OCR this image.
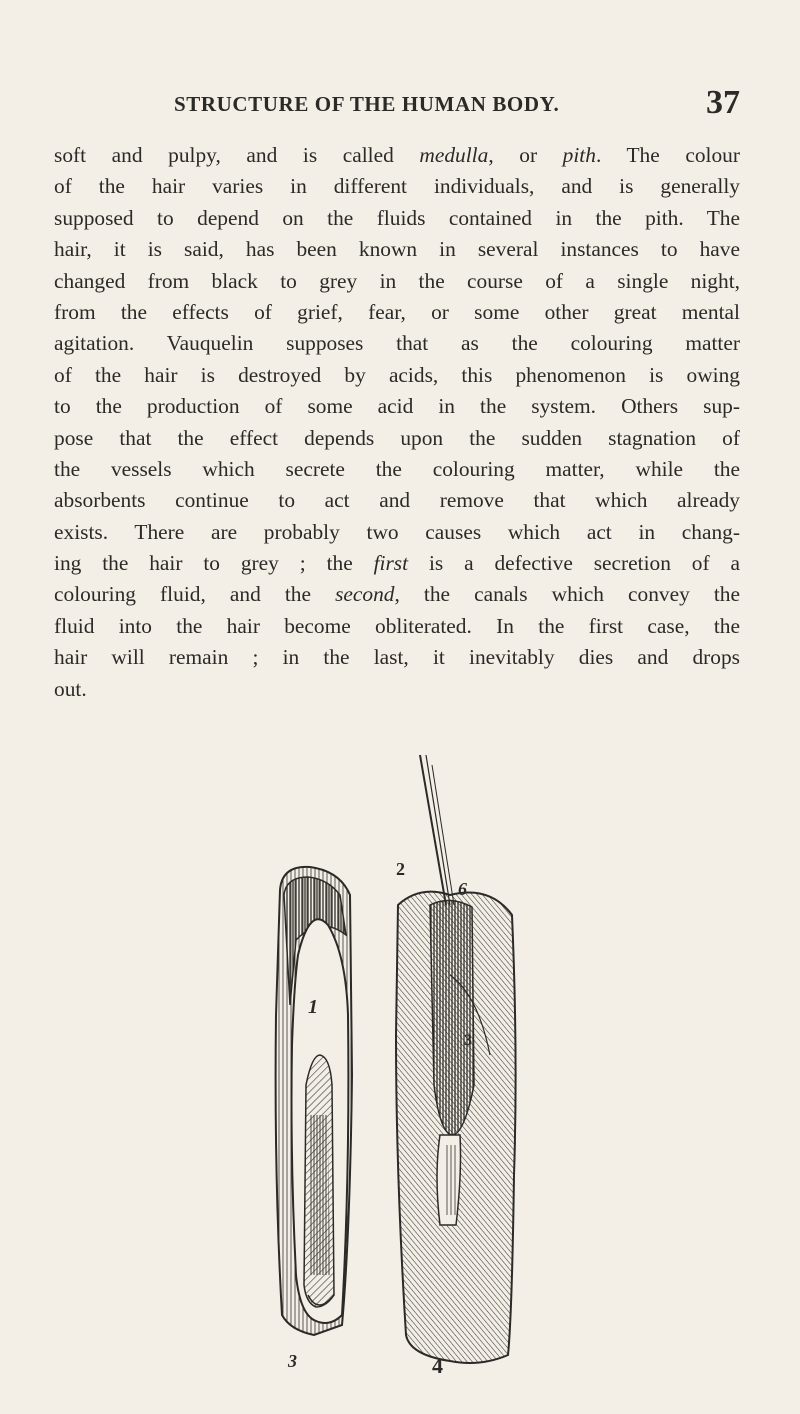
STRUCTURE OF THE HUMAN BODY.	37
soft and pulpy, and is called medulla, or pith. The colour
of the hair varies in different individuals, and is generally
supposed to depend on the fluids contained in the pith. The
hair, it is said, has been known in several instances to have
changed from black to grey in the course of a single night,
from the effects of grief, fear, or some other great mental
agitation. Vauquelin supposes that as the colouring matter
of the hair is destroyed by acids, this phenomenon is owing
to the production of some acid in the system. Others sup-
pose that the effect depends upon the sudden stagnation of
the vessels which secrete the colouring matter, while the
absorbents continue to act and remove that which already
exists. There are probably two causes which act in chang-
ing the hair to grey ; the first is a defective secretion of a
colouring fluid, and the second, the canals which convey the
fluid into the hair become obliterated. In the first case, the
hair will remain ; in the last, it inevitably dies and drops
out.
1
2
6
3
3	4
